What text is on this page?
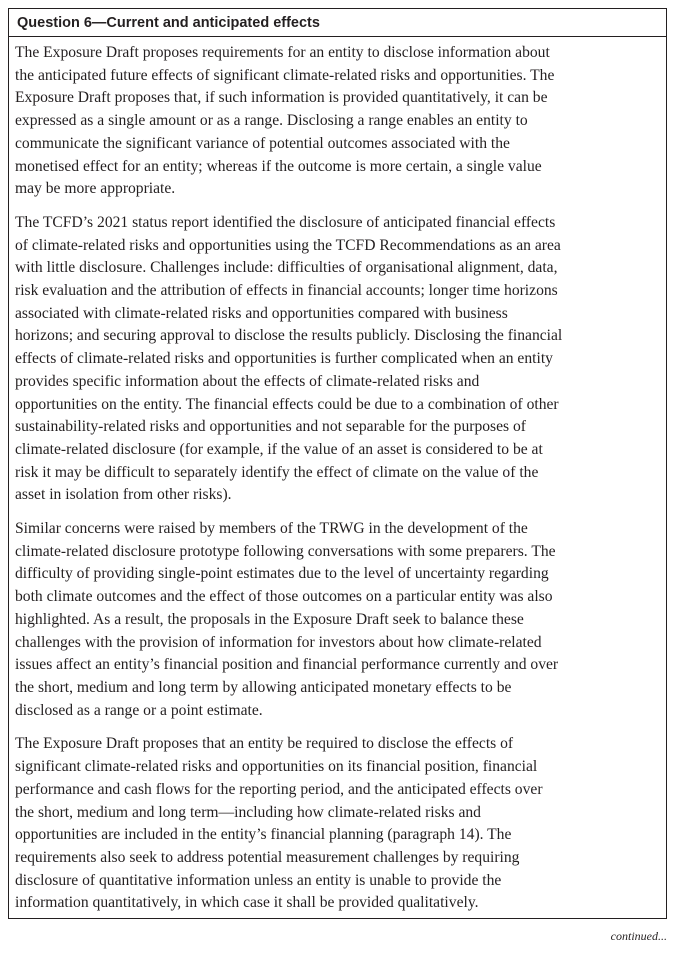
Question 6—Current and anticipated effects

The Exposure Draft proposes requirements for an entity to disclose information about
the anticipated future effects of significant climate-related risks and opportunities. The
Exposure Draft proposes that, if such information is provided quantitatively, it can be
expressed as a single amount or as a range. Disclosing a range enables an entity to
communicate the significant variance of potential outcomes associated with the
monetised effect for an entity; whereas if the outcome is more certain, a single value
may be more appropriate.

The TCFD’s 2021 status report identified the disclosure of anticipated financial effects
of climate-related risks and opportunities using the TCFD Recommendations as an area
with little disclosure. Challenges include: difficulties of organisational alignment, data,
risk evaluation and the attribution of effects in financial accounts; longer time horizons
associated with climate-related risks and opportunities compared with business
horizons; and securing approval to disclose the results publicly. Disclosing the financial
effects of climate-related risks and opportunities is further complicated when an entity
provides specific information about the effects of climate-related risks and
opportunities on the entity. The financial effects could be due to a combination of other
sustainability-related risks and opportunities and not separable for the purposes of
climate-related disclosure (for example, if the value of an asset is considered to be at
risk it may be difficult to separately identify the effect of climate on the value of the
asset in isolation from other risks).

Similar concerns were raised by members of the TRWG in the development of the
climate-related disclosure prototype following conversations with some preparers. The
difficulty of providing single-point estimates due to the level of uncertainty regarding
both climate outcomes and the effect of those outcomes on a particular entity was also
highlighted. As a result, the proposals in the Exposure Draft seek to balance these
challenges with the provision of information for investors about how climate-related
issues affect an entity’s financial position and financial performance currently and over
the short, medium and long term by allowing anticipated monetary effects to be
disclosed as a range or a point estimate.

The Exposure Draft proposes that an entity be required to disclose the effects of
significant climate-related risks and opportunities on its financial position, financial
performance and cash flows for the reporting period, and the anticipated effects over
the short, medium and long term—including how climate-related risks and
opportunities are included in the entity’s financial planning (paragraph 14). The
requirements also seek to address potential measurement challenges by requiring
disclosure of quantitative information unless an entity is unable to provide the
information quantitatively, in which case it shall be provided qualitatively.

continued...
